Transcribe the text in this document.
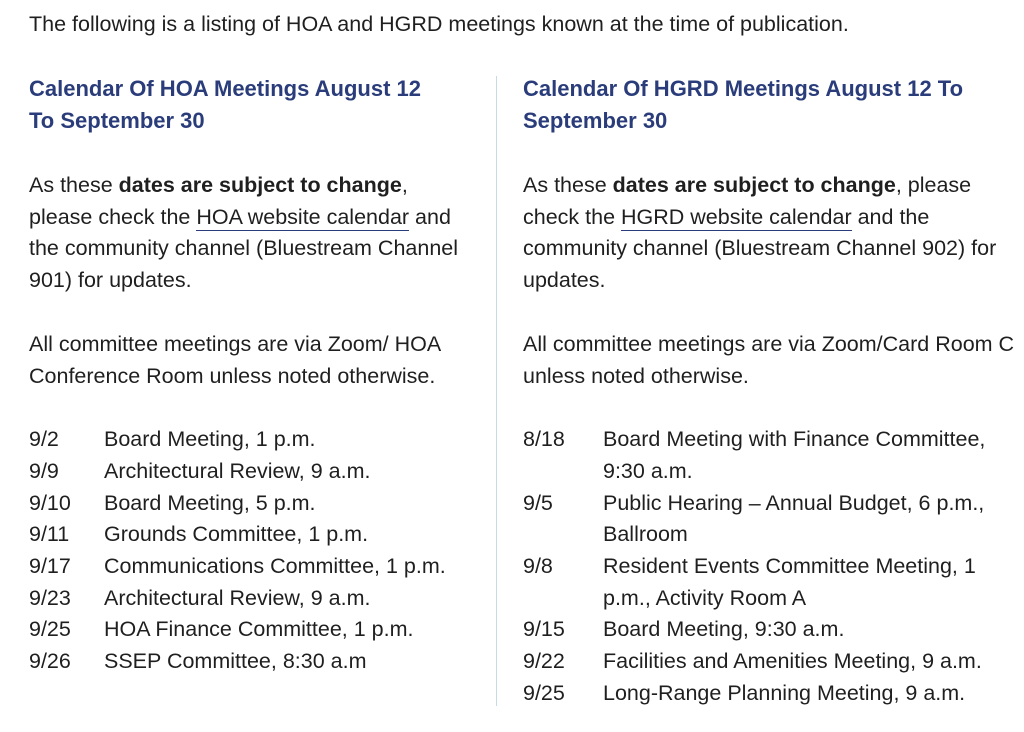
The following is a listing of HOA and HGRD meetings known at the time of publication.
Calendar Of HOA Meetings August 12
To September 30

As these dates are subject to change, please check the HOA website calendar and the community channel (Bluestream Channel 901) for updates.

All committee meetings are via Zoom/ HOA Conference Room unless noted otherwise.

9/2	Board Meeting, 1 p.m.
9/9	Architectural Review, 9 a.m.
9/10	Board Meeting, 5 p.m.
9/11	Grounds Committee, 1 p.m.
9/17	Communications Committee, 1 p.m.
9/23	Architectural Review, 9 a.m.
9/25	HOA Finance Committee, 1 p.m.
9/26	SSEP Committee, 8:30 a.m
Calendar Of HGRD Meetings August 12 To
September 30

As these dates are subject to change, please check the HGRD website calendar and the community channel (Bluestream Channel 902) for updates.

All committee meetings are via Zoom/Card Room C unless noted otherwise.

8/18	Board Meeting with Finance Committee, 9:30 a.m.
9/5	Public Hearing – Annual Budget, 6 p.m., Ballroom
9/8	Resident Events Committee Meeting, 1 p.m., Activity Room A
9/15	Board Meeting, 9:30 a.m.
9/22	Facilities and Amenities Meeting, 9 a.m.
9/25	Long-Range Planning Meeting, 9 a.m.
